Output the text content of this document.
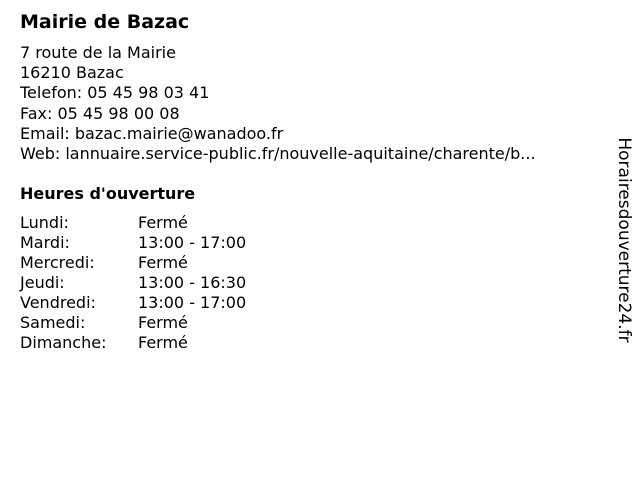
Mairie de Bazac
7 route de la Mairie
16210 Bazac
Telefon: 05 45 98 03 41
Fax: 05 45 98 00 08
Email: bazac.mairie@wanadoo.fr
Web: lannuaire.service-public.fr/nouvelle-aquitaine/charente/b...
Heures d'ouverture
Lundi:	Fermé
Mardi:	13:00 - 17:00
Mercredi:	Fermé
Jeudi:	13:00 - 16:30
Vendredi:	13:00 - 17:00
Samedi:	Fermé
Dimanche:	Fermé	Horairesdouverture24.fr
